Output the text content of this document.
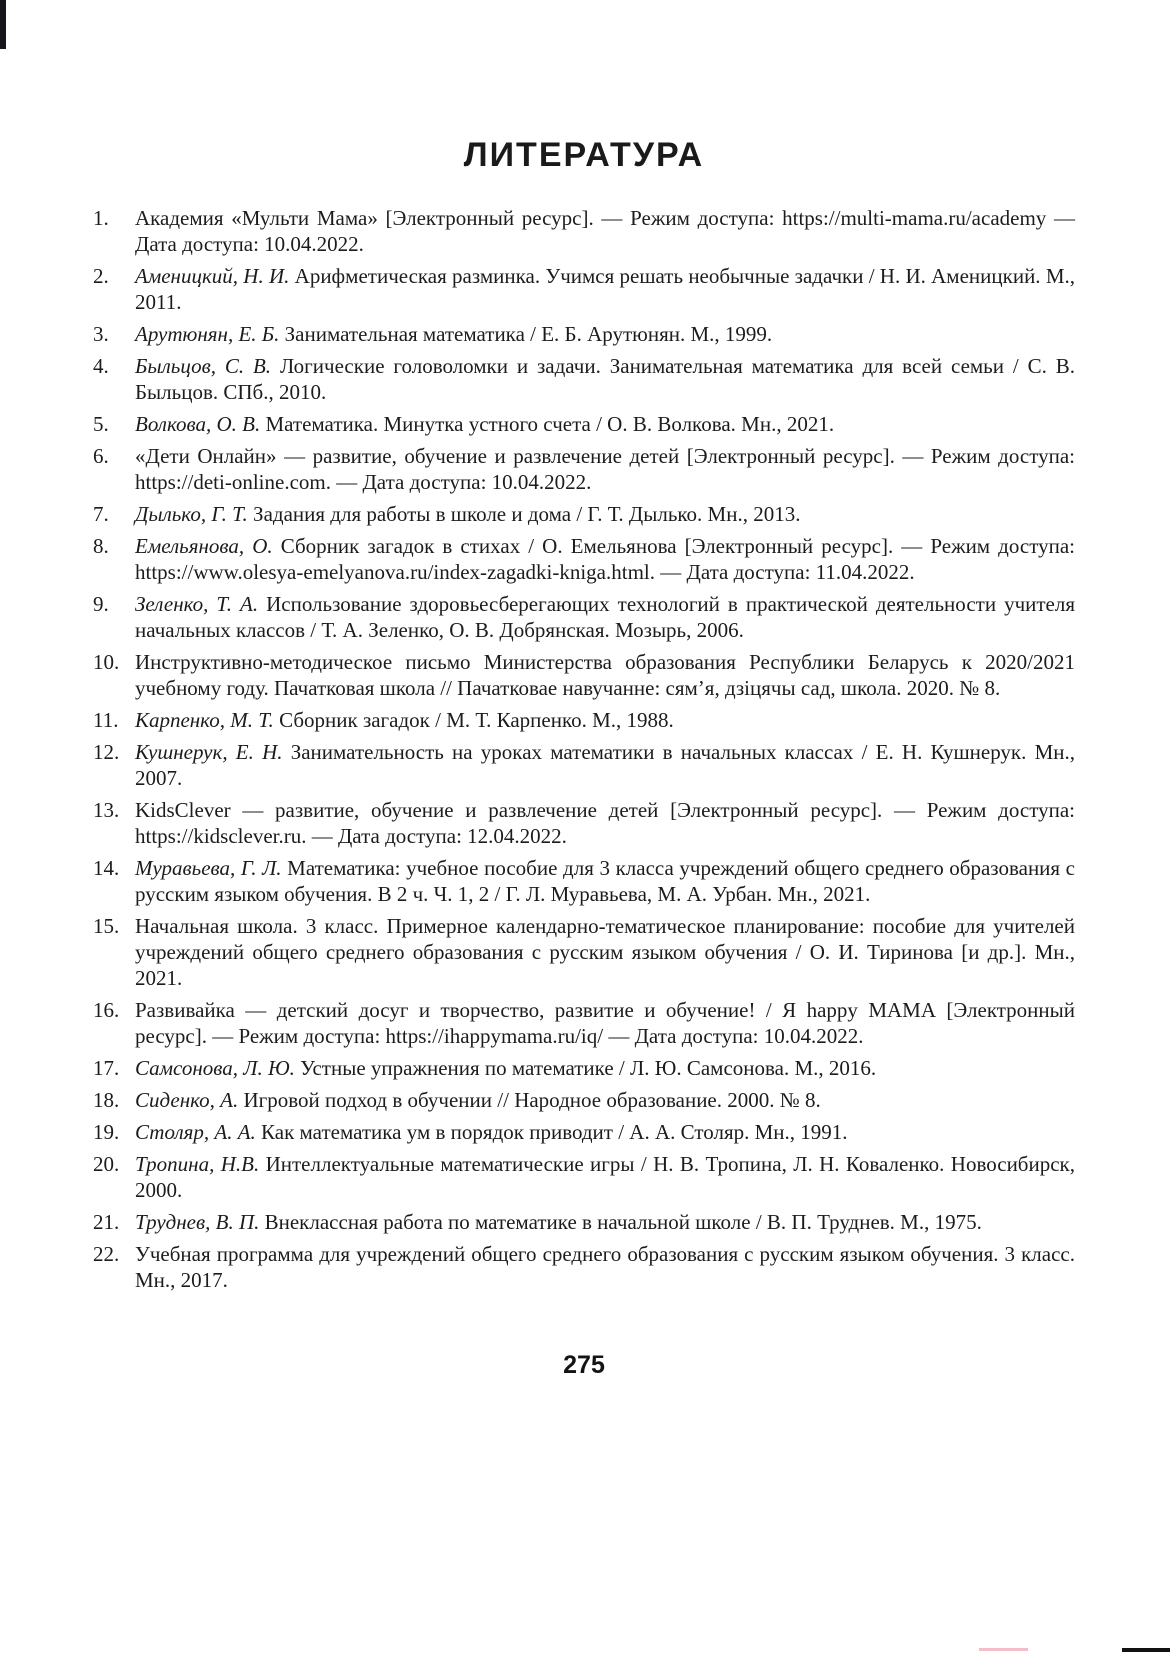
ЛИТЕРАТУРА
1. Академия «Мульти Мама» [Электронный ресурс]. — Режим доступа: https://multi-mama.ru/academy — Дата доступа: 10.04.2022.
2. Аменицкий, Н. И. Арифметическая разминка. Учимся решать необычные задачки / Н. И. Аменицкий. М., 2011.
3. Арутюнян, Е. Б. Занимательная математика / Е. Б. Арутюнян. М., 1999.
4. Быльцов, С. В. Логические головоломки и задачи. Занимательная математика для всей семьи / С. В. Быльцов. СПб., 2010.
5. Волкова, О. В. Математика. Минутка устного счета / О. В. Волкова. Мн., 2021.
6. «Дети Онлайн» — развитие, обучение и развлечение детей [Электронный ресурс]. — Режим доступа: https://deti-online.com. — Дата доступа: 10.04.2022.
7. Дылько, Г. Т. Задания для работы в школе и дома / Г. Т. Дылько. Мн., 2013.
8. Емельянова, О. Сборник загадок в стихах / О. Емельянова [Электронный ресурс]. — Режим доступа: https://www.olesya-emelyanova.ru/index-zagadki-kniga.html. — Дата доступа: 11.04.2022.
9. Зеленко, Т. А. Использование здоровьесберегающих технологий в практической деятельности учителя начальных классов / Т. А. Зеленко, О. В. Добрянская. Мозырь, 2006.
10. Инструктивно-методическое письмо Министерства образования Республики Беларусь к 2020/2021 учебному году. Пачатковая школа // Пачатковае навучанне: сям’я, дзіцячы сад, школа. 2020. № 8.
11. Карпенко, М. Т. Сборник загадок / М. Т. Карпенко. М., 1988.
12. Кушнерук, Е. Н. Занимательность на уроках математики в начальных классах / Е. Н. Кушнерук. Мн., 2007.
13. KidsClever — развитие, обучение и развлечение детей [Электронный ресурс]. — Режим доступа: https://kidsclever.ru. — Дата доступа: 12.04.2022.
14. Муравьева, Г. Л. Математика: учебное пособие для 3 класса учреждений общего среднего образования с русским языком обучения. В 2 ч. Ч. 1, 2 / Г. Л. Муравьева, М. А. Урбан. Мн., 2021.
15. Начальная школа. 3 класс. Примерное календарно-тематическое планирование: пособие для учителей учреждений общего среднего образования с русским языком обучения / О. И. Тиринова [и др.]. Мн., 2021.
16. Развивайка — детский досуг и творчество, развитие и обучение! / Я happy МАМА [Электронный ресурс]. — Режим доступа: https://ihappymama.ru/iq/ — Дата доступа: 10.04.2022.
17. Самсонова, Л. Ю. Устные упражнения по математике / Л. Ю. Самсонова. М., 2016.
18. Сиденко, А. Игровой подход в обучении // Народное образование. 2000. № 8.
19. Столяр, А. А. Как математика ум в порядок приводит / А. А. Столяр. Мн., 1991.
20. Тропина, Н.В. Интеллектуальные математические игры / Н. В. Тропина, Л. Н. Коваленко. Новосибирск, 2000.
21. Труднев, В. П. Внеклассная работа по математике в начальной школе / В. П. Труднев. М., 1975.
22. Учебная программа для учреждений общего среднего образования с русским языком обучения. 3 класс. Мн., 2017.
275
